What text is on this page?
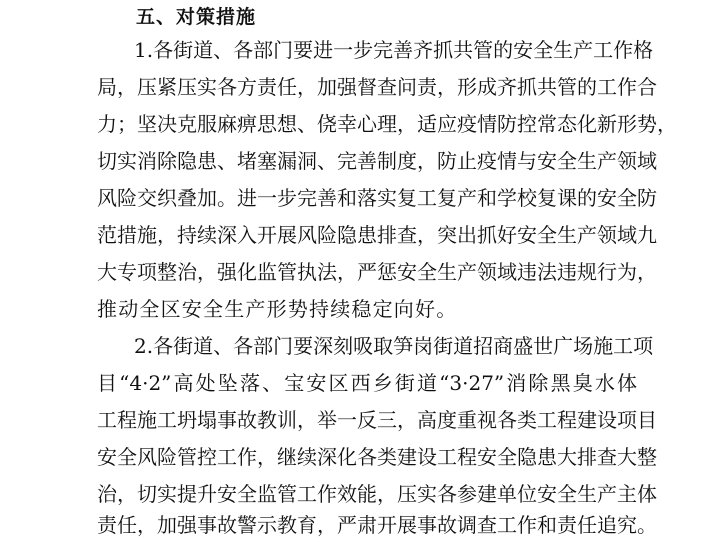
五、对策措施
1.各街道、各部门要进一步完善齐抓共管的安全生产工作格
局，压紧压实各方责任，加强督查问责，形成齐抓共管的工作合
力；坚决克服麻痹思想、侥幸心理，适应疫情防控常态化新形势，
切实消除隐患、堵塞漏洞、完善制度，防止疫情与安全生产领域
风险交织叠加。进一步完善和落实复工复产和学校复课的安全防
范措施，持续深入开展风险隐患排查，突出抓好安全生产领域九
大专项整治，强化监管执法，严惩安全生产领域违法违规行为，
推动全区安全生产形势持续稳定向好。
2.各街道、各部门要深刻吸取笋岗街道招商盛世广场施工项
目“4·2”高处坠落、宝安区西乡街道“3·27”消除黑臭水体
工程施工坍塌事故教训，举一反三，高度重视各类工程建设项目
安全风险管控工作，继续深化各类建设工程安全隐患大排查大整
治，切实提升安全监管工作效能，压实各参建单位安全生产主体
责任，加强事故警示教育，严肃开展事故调查工作和责任追究。
